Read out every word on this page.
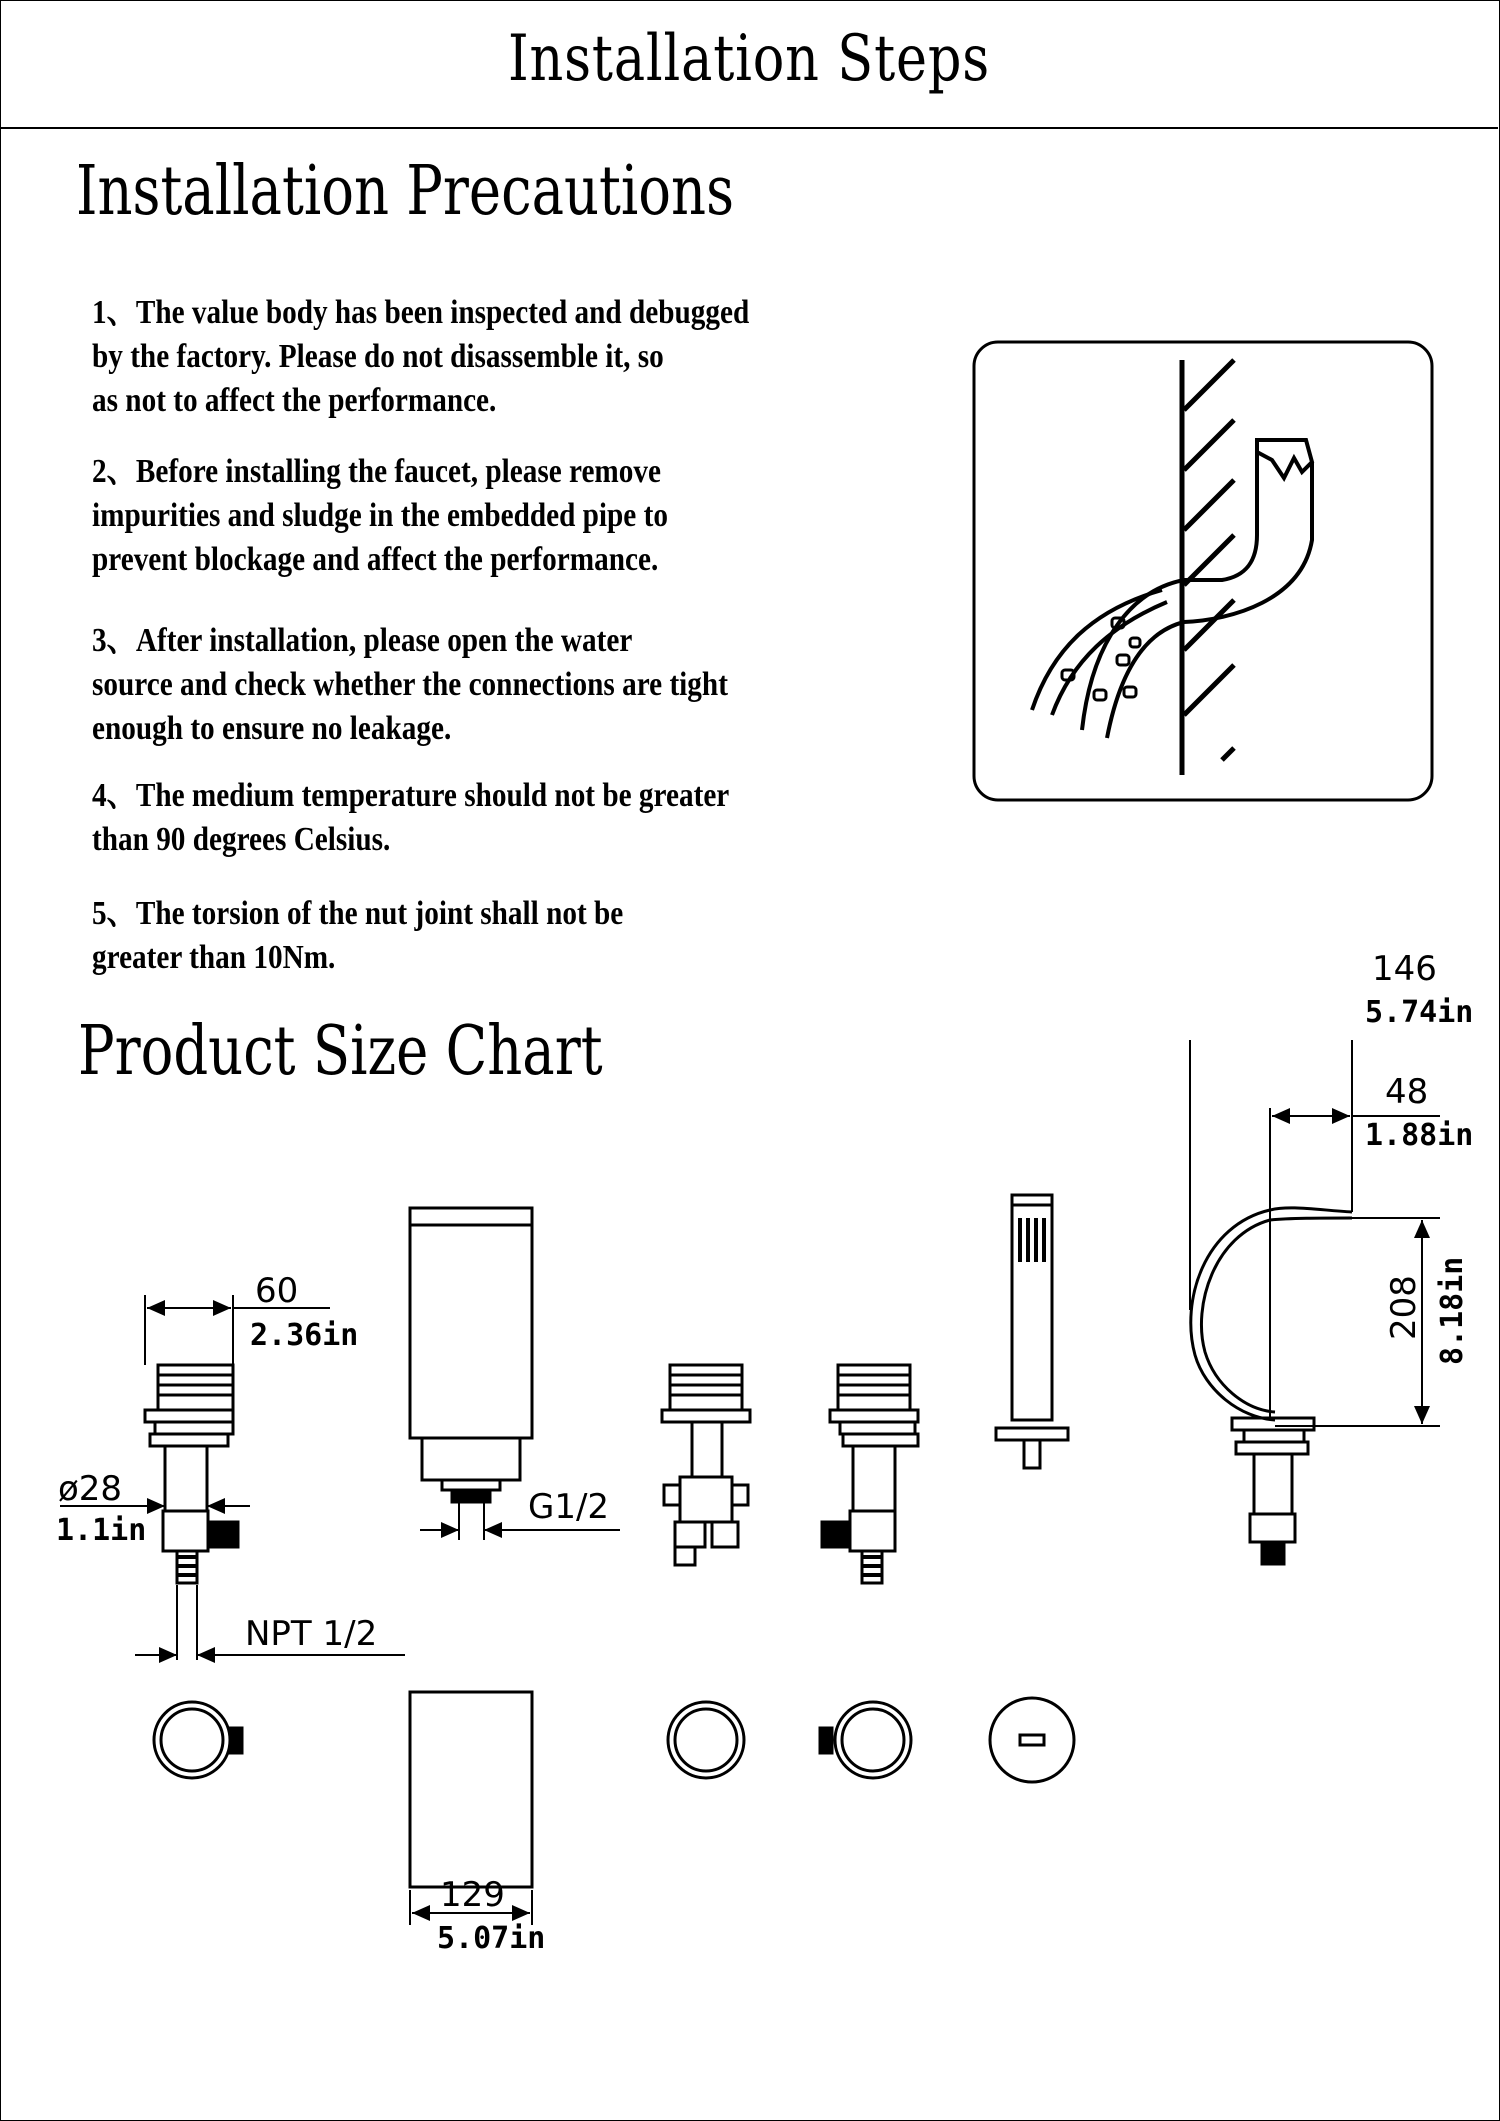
Installation Steps
Installation Precautions
1、The value body has been inspected and debugged
by the factory. Please do not disassemble it, so
as not to affect the performance.
2、Before installing the faucet, please remove
impurities and sludge in the embedded pipe to
prevent blockage and affect the performance.
3、After installation, please open the water
source and check whether the connections are tight
enough to ensure no leakage.
4、The medium temperature should not be greater
than 90 degrees Celsius.
5、The torsion of the nut joint shall not be
greater than 10Nm.
Product Size Chart
60
2.36in
ø28
1.1in
NPT 1/2
G1/2
129
5.07in
146
5.74in
48
1.88in
208 8.18in
